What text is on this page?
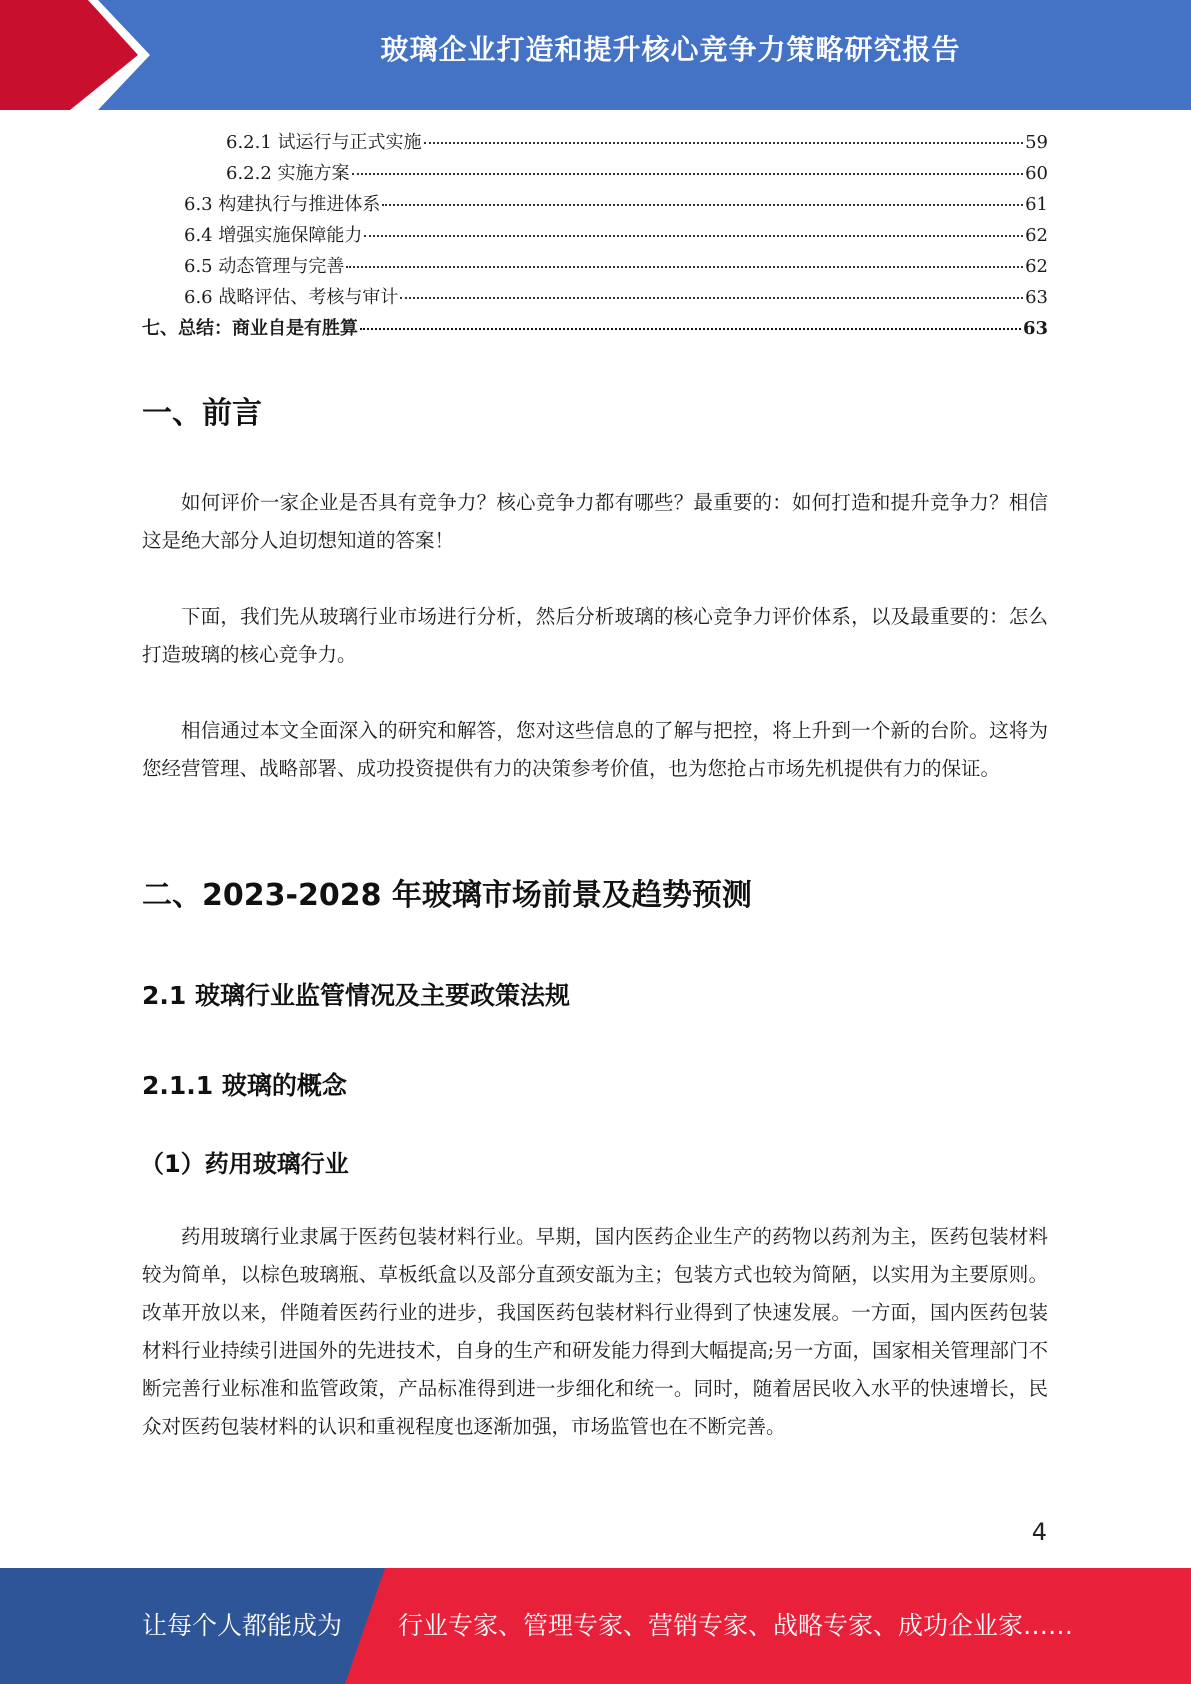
玻璃企业打造和提升核心竞争力策略研究报告
6.2.1 试运行与正式实施	59
6.2.2 实施方案	60
6.3 构建执行与推进体系	61
6.4 增强实施保障能力	62
6.5 动态管理与完善	62
6.6 战略评估、考核与审计	63
七、总结：商业自是有胜算	63
一、前言

如何评价一家企业是否具有竞争力？核心竞争力都有哪些？最重要的：如何打造和提升竞争力？相信这是绝大部分人迫切想知道的答案！

下面，我们先从玻璃行业市场进行分析，然后分析玻璃的核心竞争力评价体系，以及最重要的：怎么打造玻璃的核心竞争力。

相信通过本文全面深入的研究和解答，您对这些信息的了解与把控，将上升到一个新的台阶。这将为您经营管理、战略部署、成功投资提供有力的决策参考价值，也为您抢占市场先机提供有力的保证。

二、2023-2028 年玻璃市场前景及趋势预测
2.1 玻璃行业监管情况及主要政策法规
2.1.1 玻璃的概念
（1）药用玻璃行业

药用玻璃行业隶属于医药包装材料行业。早期，国内医药企业生产的药物以药剂为主，医药包装材料较为简单，以棕色玻璃瓶、草板纸盒以及部分直颈安瓿为主；包装方式也较为简陋，以实用为主要原则。改革开放以来，伴随着医药行业的进步，我国医药包装材料行业得到了快速发展。一方面，国内医药包装材料行业持续引进国外的先进技术，自身的生产和研发能力得到大幅提高;另一方面，国家相关管理部门不断完善行业标准和监管政策，产品标准得到进一步细化和统一。同时，随着居民收入水平的快速增长，民众对医药包装材料的认识和重视程度也逐渐加强，市场监管也在不断完善。

4
让每个人都能成为 行业专家、管理专家、营销专家、战略专家、成功企业家……
